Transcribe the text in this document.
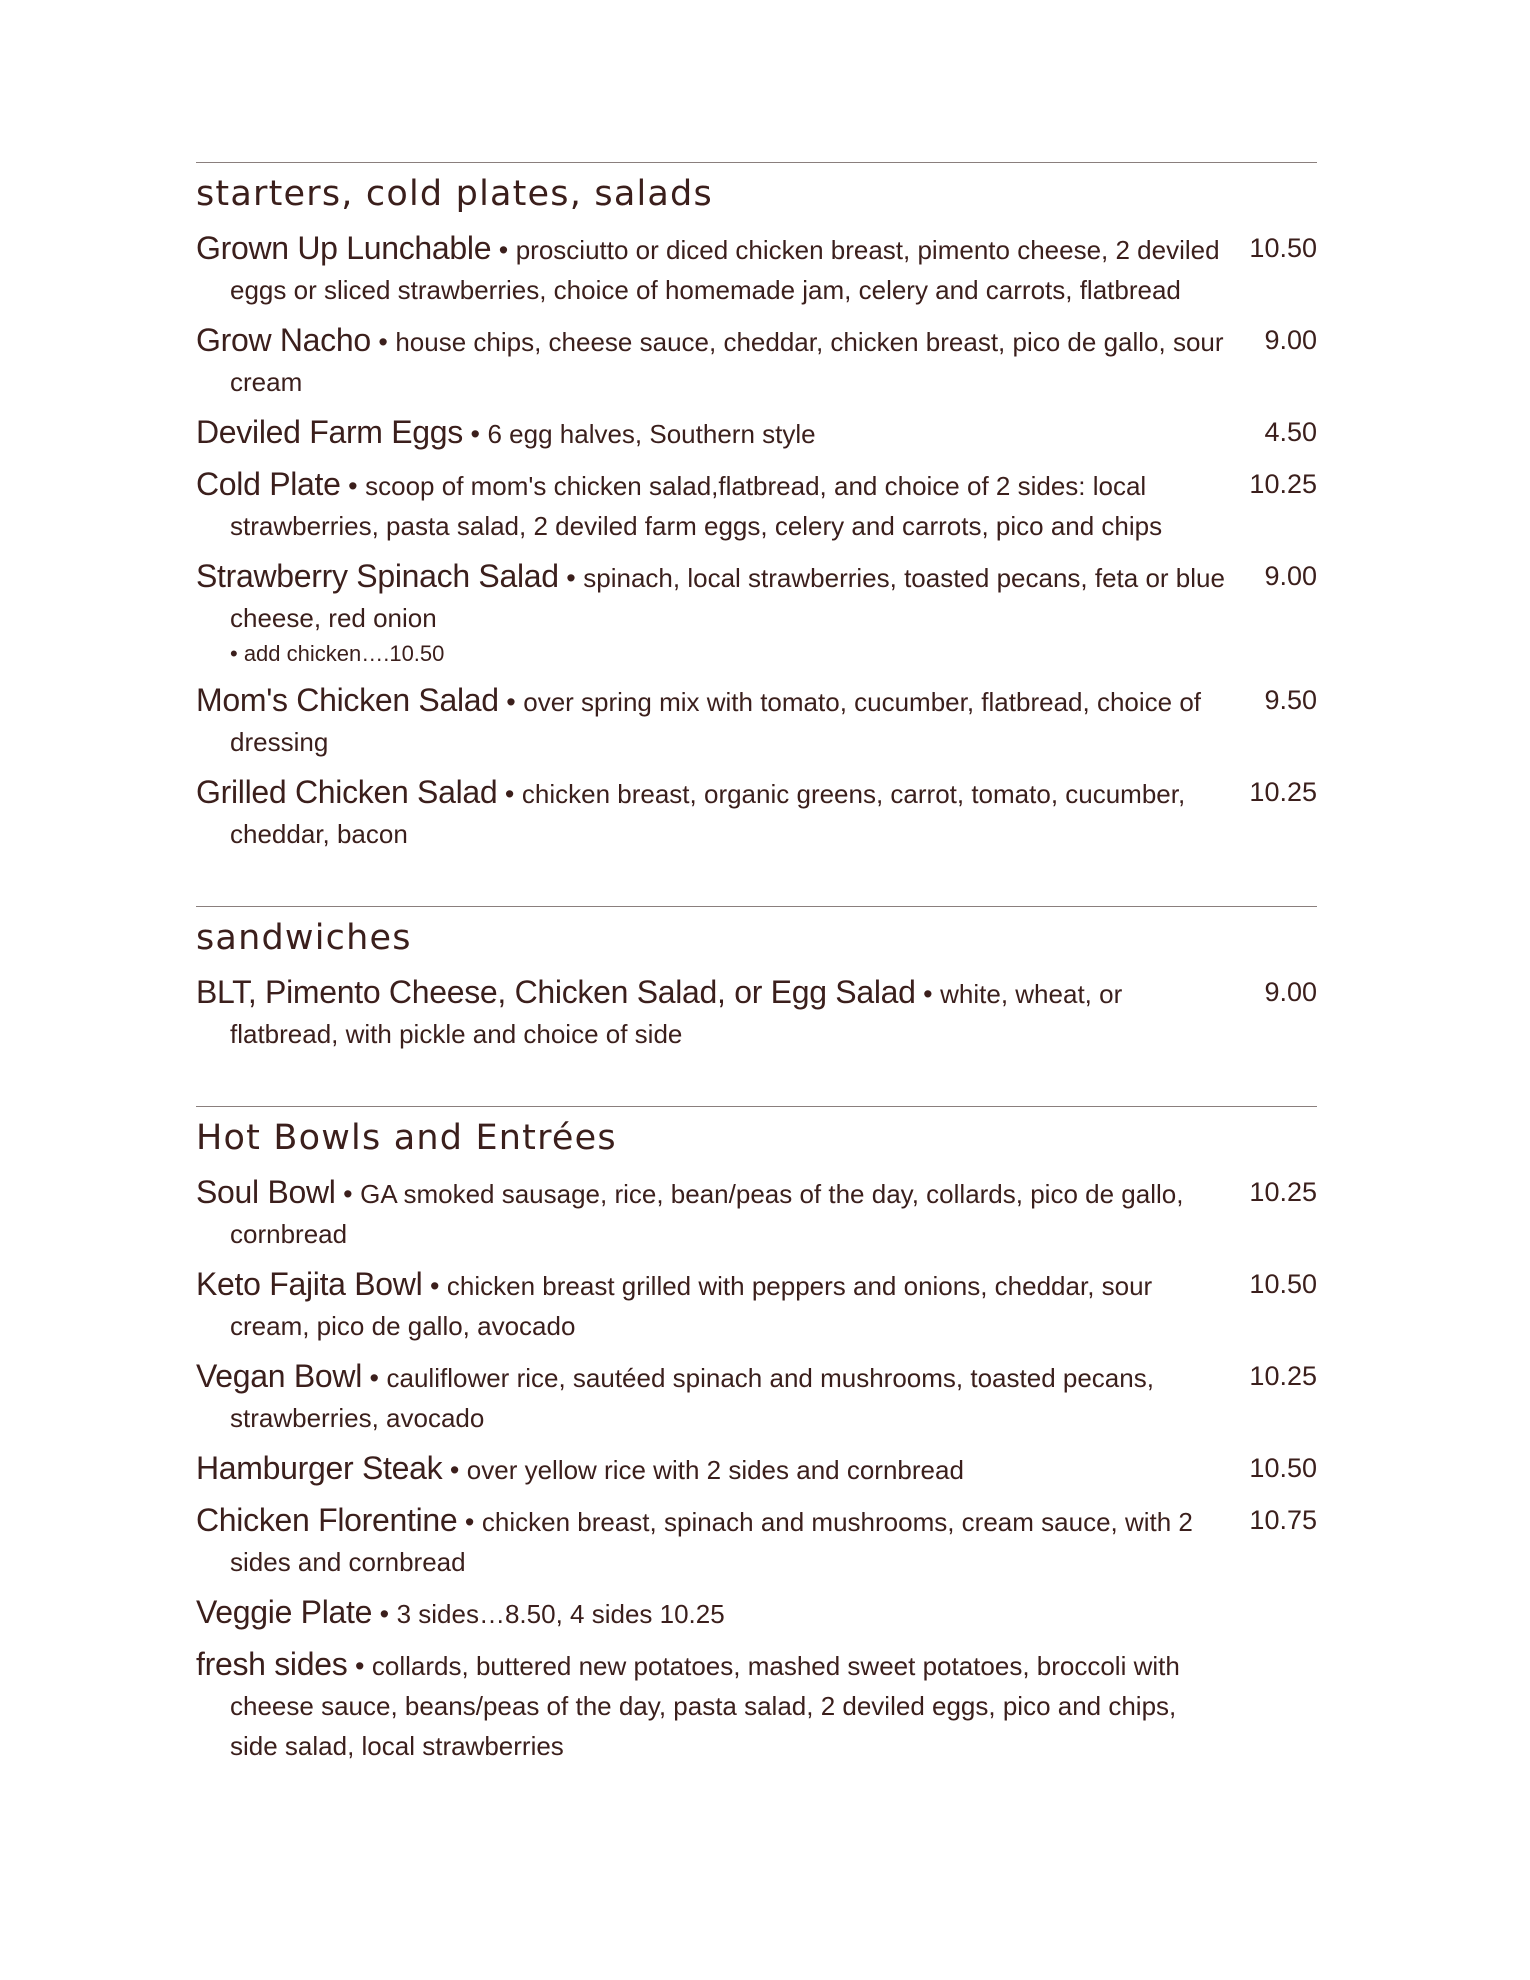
starters, cold plates, salads
Grown Up Lunchable • prosciutto or diced chicken breast, pimento cheese, 2 deviled eggs or sliced strawberries, choice of homemade jam, celery and carrots, flatbread
10.50
Grow Nacho • house chips, cheese sauce, cheddar, chicken breast, pico de gallo, sour cream
9.00
Deviled Farm Eggs • 6 egg halves, Southern style	4.50
Cold Plate • scoop of mom's chicken salad,flatbread, and choice of 2 sides: local strawberries, pasta salad, 2 deviled farm eggs, celery and carrots, pico and chips
10.25
Strawberry Spinach Salad • spinach, local strawberries, toasted pecans, feta or blue cheese, red onion
• add chicken….10.50
9.00
Mom's Chicken Salad • over spring mix with tomato, cucumber, flatbread, choice of dressing
9.50
Grilled Chicken Salad • chicken breast, organic greens, carrot, tomato, cucumber, cheddar, bacon
10.25
sandwiches
BLT, Pimento Cheese, Chicken Salad, or Egg Salad • white, wheat, or flatbread, with pickle and choice of side
9.00
Hot Bowls and Entrées
Soul Bowl • GA smoked sausage, rice, bean/peas of the day, collards, pico de gallo, cornbread
10.25
Keto Fajita Bowl • chicken breast grilled with peppers and onions, cheddar, sour cream, pico de gallo, avocado
10.50
Vegan Bowl • cauliflower rice, sautéed spinach and mushrooms, toasted pecans, strawberries, avocado
10.25
Hamburger Steak • over yellow rice with 2 sides and cornbread	10.50
Chicken Florentine • chicken breast, spinach and mushrooms, cream sauce, with 2 sides and cornbread
10.75
Veggie Plate • 3 sides…8.50, 4 sides 10.25
fresh sides • collards, buttered new potatoes, mashed sweet potatoes, broccoli with cheese sauce, beans/peas of the day, pasta salad, 2 deviled eggs, pico and chips, side salad, local strawberries
